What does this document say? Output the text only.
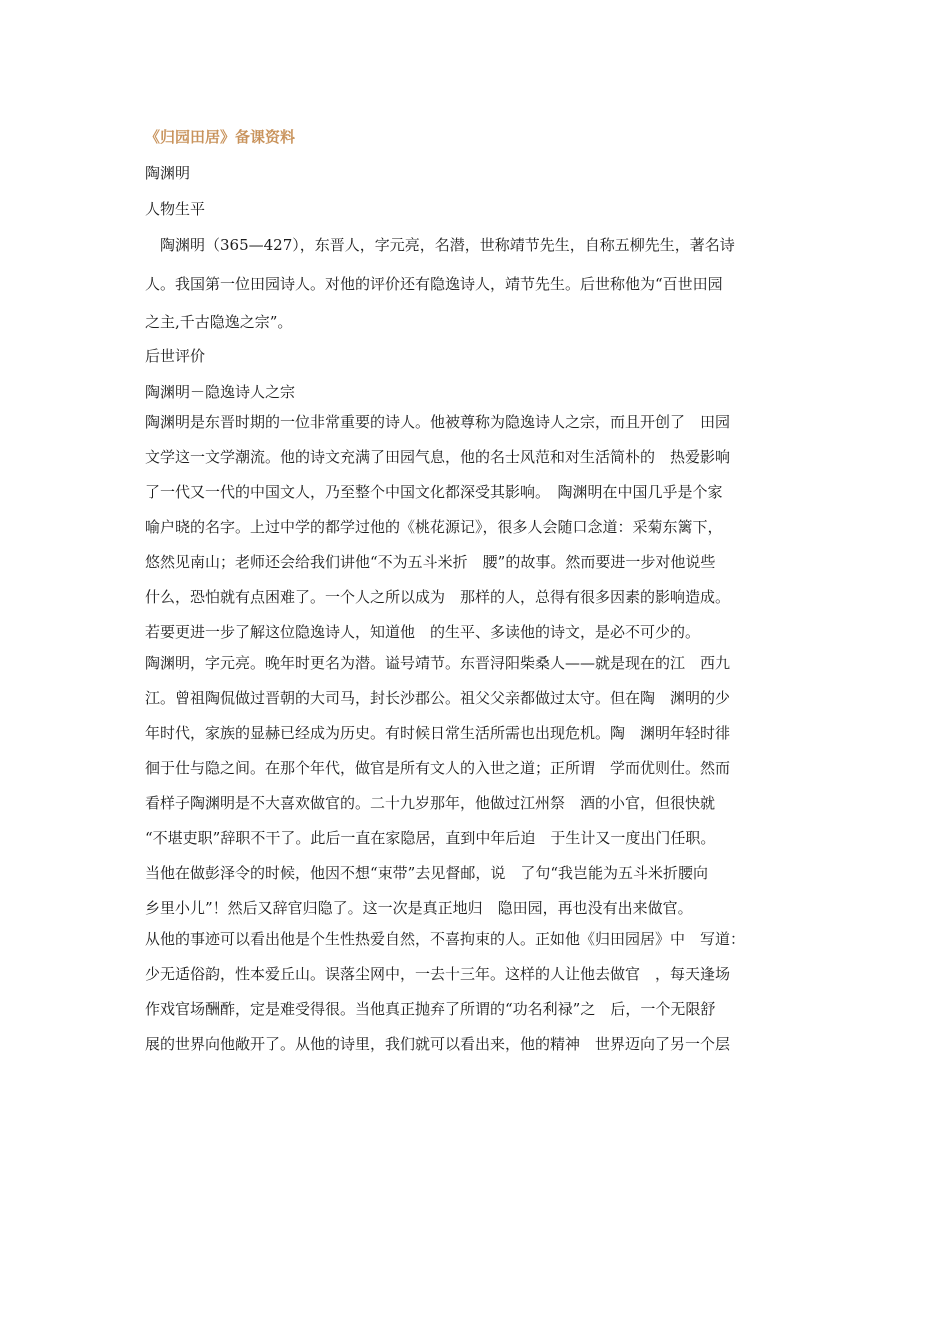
《归园田居》备课资料
陶渊明
人物生平
　陶渊明（365—427），东晋人，字元亮，名潜，世称靖节先生，自称五柳先生，著名诗
人。我国第一位田园诗人。对他的评价还有隐逸诗人，靖节先生。后世称他为“百世田园
之主,千古隐逸之宗”。
后世评价
陶渊明－隐逸诗人之宗
陶渊明是东晋时期的一位非常重要的诗人。他被尊称为隐逸诗人之宗，而且开创了　田园
文学这一文学潮流。他的诗文充满了田园气息，他的名士风范和对生活简朴的　热爱影响
了一代又一代的中国文人，乃至整个中国文化都深受其影响。　陶渊明在中国几乎是个家
喻户晓的名字。上过中学的都学过他的《桃花源记》，很多人会随口念道：采菊东篱下，
悠然见南山；老师还会给我们讲他“不为五斗米折　腰”的故事。然而要进一步对他说些
什么，恐怕就有点困难了。一个人之所以成为　那样的人，总得有很多因素的影响造成。
若要更进一步了解这位隐逸诗人，知道他　的生平、多读他的诗文，是必不可少的。
陶渊明，字元亮。晚年时更名为潜。谥号靖节。东晋浔阳柴桑人——就是现在的江　西九
江。曾祖陶侃做过晋朝的大司马，封长沙郡公。祖父父亲都做过太守。但在陶　渊明的少
年时代，家族的显赫已经成为历史。有时候日常生活所需也出现危机。陶　渊明年轻时徘
徊于仕与隐之间。在那个年代，做官是所有文人的入世之道；正所谓　学而优则仕。然而
看样子陶渊明是不大喜欢做官的。二十九岁那年，他做过江州祭　酒的小官，但很快就
“不堪吏职”辞职不干了。此后一直在家隐居，直到中年后迫　于生计又一度出门任职。
当他在做彭泽令的时候，他因不想“束带”去见督邮，说　了句“我岂能为五斗米折腰向
乡里小儿”！然后又辞官归隐了。这一次是真正地归　隐田园，再也没有出来做官。
从他的事迹可以看出他是个生性热爱自然，不喜拘束的人。正如他《归田园居》中　写道：
少无适俗韵，性本爱丘山。误落尘网中，一去十三年。这样的人让他去做官　，每天逢场
作戏官场酬酢，定是难受得很。当他真正抛弃了所谓的“功名利禄”之　后，一个无限舒
展的世界向他敞开了。从他的诗里，我们就可以看出来，他的精神　世界迈向了另一个层
